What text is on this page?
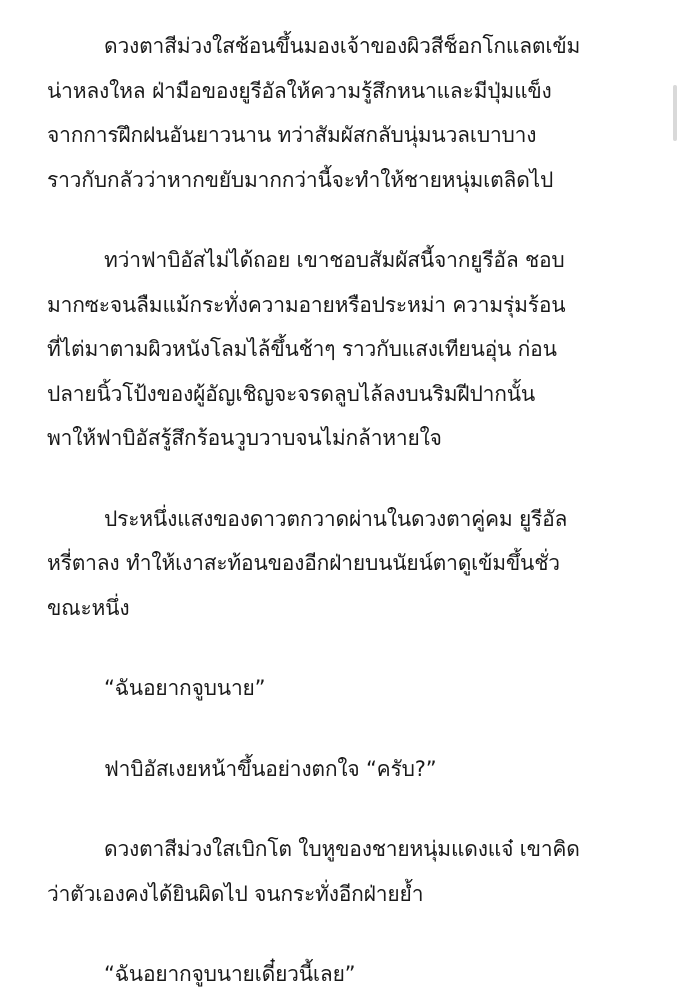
ดวงตาสีม่วงใสช้อนขึ้นมองเจ้าของผิวสีช็อกโกแลตเข้ม
น่าหลงใหล ฝ่ามือของยูรีอัลให้ความรู้สึกหนาและมีปุ่มแข็ง
จากการฝึกฝนอันยาวนาน ทว่าสัมผัสกลับนุ่มนวลเบาบาง
ราวกับกลัวว่าหากขยับมากกว่านี้จะทำให้ชายหนุ่มเตลิดไป

ทว่าฟาบิอัสไม่ได้ถอย เขาชอบสัมผัสนี้จากยูรีอัล ชอบ
มากซะจนลืมแม้กระทั่งความอายหรือประหม่า ความรุ่มร้อน
ที่ไต่มาตามผิวหนังโลมไล้ขึ้นช้าๆ ราวกับแสงเทียนอุ่น ก่อน
ปลายนิ้วโป้งของผู้อัญเชิญจะจรดลูบไล้ลงบนริมฝีปากนั้น
พาให้ฟาบิอัสรู้สึกร้อนวูบวาบจนไม่กล้าหายใจ

ประหนึ่งแสงของดาวตกวาดผ่านในดวงตาคู่คม ยูรีอัล
หรี่ตาลง ทำให้เงาสะท้อนของอีกฝ่ายบนนัยน์ตาดูเข้มขึ้นชั่ว
ขณะหนึ่ง

“ฉันอยากจูบนาย”

ฟาบิอัสเงยหน้าขึ้นอย่างตกใจ “ครับ?”

ดวงตาสีม่วงใสเบิกโต ใบหูของชายหนุ่มแดงแจ๋ เขาคิด
ว่าตัวเองคงได้ยินผิดไป จนกระทั่งอีกฝ่ายย้ำ

“ฉันอยากจูบนายเดี๋ยวนี้เลย”
